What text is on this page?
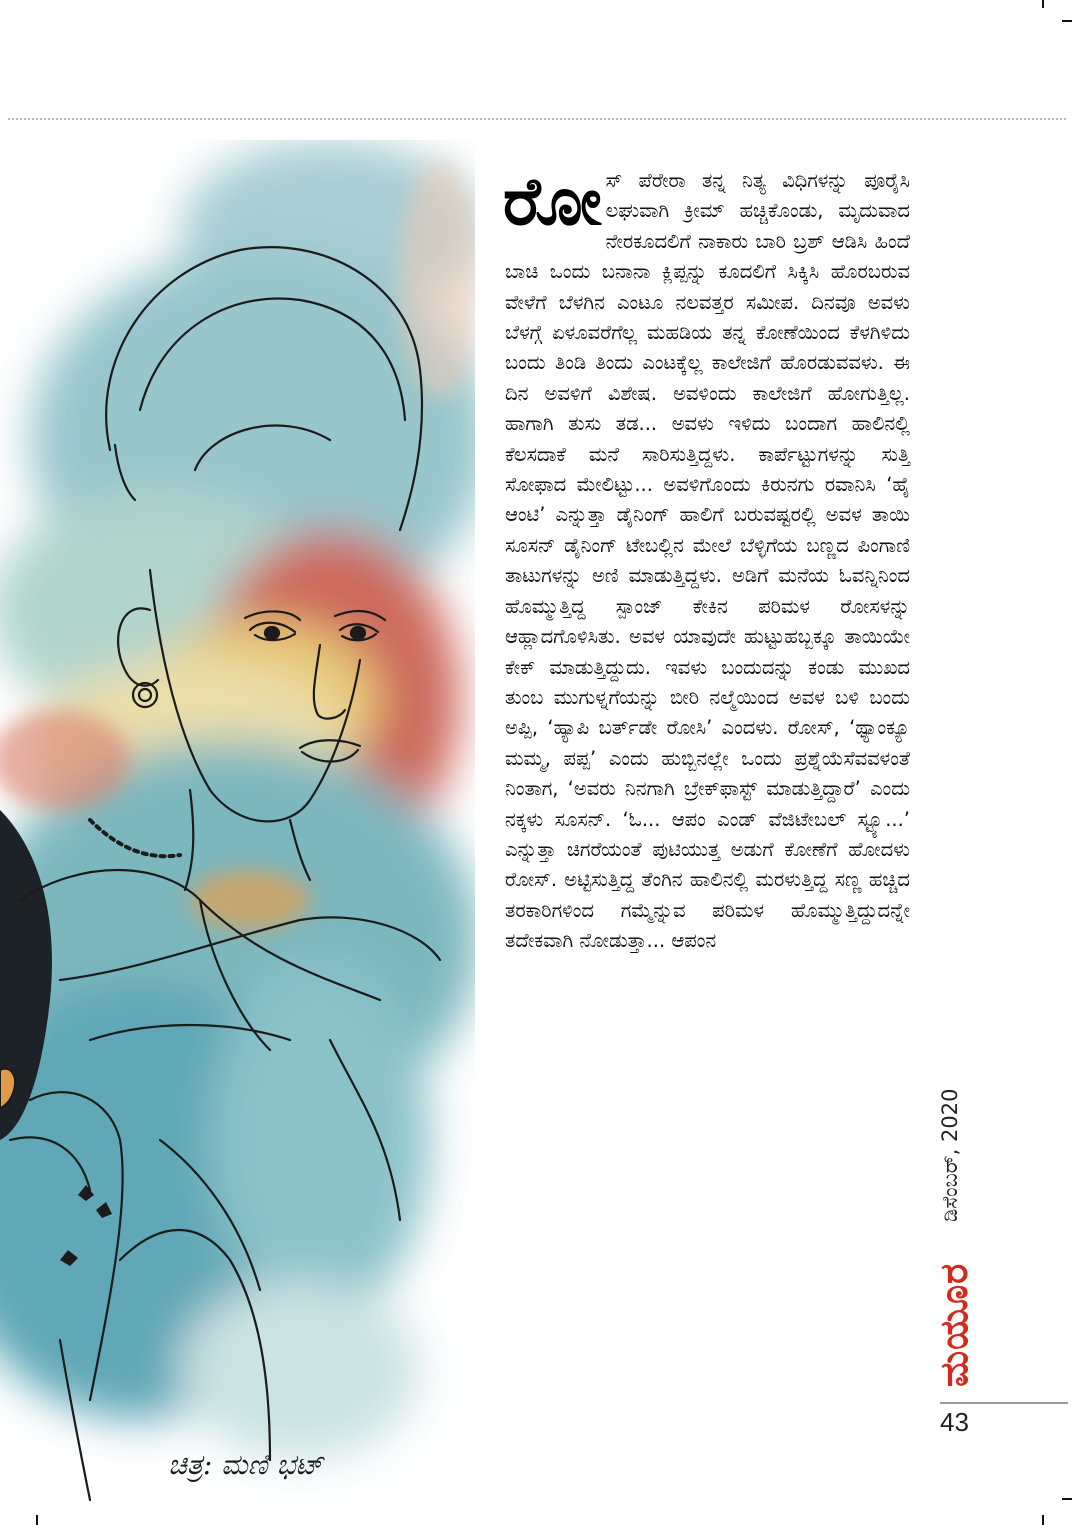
ರೋ ಸ್ ಪೆರೇರಾ ತನ್ನ ನಿತ್ಯ ವಿಧಿಗಳನ್ನು ಪೂರೈಸಿ ಲಘುವಾಗಿ ಕ್ರೀಮ್ ಹಚ್ಚಿಕೊಂಡು, ಮೃದುವಾದ ನೇರಕೂದಲಿಗೆ ನಾಕಾರು ಬಾರಿ ಬ್ರಶ್ ಆಡಿಸಿ ಹಿಂದೆ ಬಾಚಿ ಒಂದು ಬನಾನಾ ಕ್ಲಿಪ್ಪನ್ನು ಕೂದಲಿಗೆ ಸಿಕ್ಕಿಸಿ ಹೊರಬರುವ ವೇಳೆಗೆ ಬೆಳಗಿನ ಎಂಟೂ ನಲವತ್ತರ ಸಮೀಪ. ದಿನವೂ ಅವಳು ಬೆಳಗ್ಗೆ ಏಳೂವರೆಗೆಲ್ಲ ಮಹಡಿಯ ತನ್ನ ಕೋಣೆಯಿಂದ ಕೆಳಗಿಳಿದು ಬಂದು ತಿಂಡಿ ತಿಂದು ಎಂಟಕ್ಕೆಲ್ಲ ಕಾಲೇಜಿಗೆ ಹೊರಡುವವಳು. ಈ ದಿನ ಅವಳಿಗೆ ವಿಶೇಷ. ಅವಳಿಂದು ಕಾಲೇಜಿಗೆ ಹೋಗುತ್ತಿಲ್ಲ. ಹಾಗಾಗಿ ತುಸು ತಡ... ಅವಳು ಇಳಿದು ಬಂದಾಗ ಹಾಲಿನಲ್ಲಿ ಕೆಲಸದಾಕೆ ಮನೆ ಸಾರಿಸುತ್ತಿದ್ದಳು. ಕಾರ್ಪೆಟ್ಟುಗಳನ್ನು ಸುತ್ತಿ ಸೋಫಾದ ಮೇಲಿಟ್ಟು... ಅವಳಿಗೊಂದು ಕಿರುನಗು ರವಾನಿಸಿ ‘ಹೈ ಆಂಟಿ’ ಎನ್ನುತ್ತಾ ಡೈನಿಂಗ್ ಹಾಲಿಗೆ ಬರುವಷ್ಟರಲ್ಲಿ ಅವಳ ತಾಯಿ ಸೂಸನ್ ಡೈನಿಂಗ್ ಟೇಬಲ್ಲಿನ ಮೇಲೆ ಬೆಳ್ಳಿಗೆಯ ಬಣ್ಣದ ಪಿಂಗಾಣಿ ತಾಟುಗಳನ್ನು ಅಣಿ ಮಾಡುತ್ತಿದ್ದಳು. ಅಡಿಗೆ ಮನೆಯ ಓವನ್ನಿನಿಂದ ಹೊಮ್ಮುತ್ತಿದ್ದ ಸ್ಪಾಂಜ್ ಕೇಕಿನ ಪರಿಮಳ ರೋಸಳನ್ನು ಆಹ್ಲಾದಗೊಳಿಸಿತು. ಅವಳ ಯಾವುದೇ ಹುಟ್ಟುಹಬ್ಬಕ್ಕೂ ತಾಯಿಯೇ ಕೇಕ್ ಮಾಡುತ್ತಿದ್ದುದು. ಇವಳು ಬಂದುದನ್ನು ಕಂಡು ಮುಖದ ತುಂಬ ಮುಗುಳ್ನಗೆಯನ್ನು ಬೀರಿ ನಲ್ಮೆಯಿಂದ ಅವಳ ಬಳಿ ಬಂದು ಅಪ್ಪಿ, ‘ಹ್ಯಾಪಿ ಬರ್ತ್‌ಡೇ ರೋಸಿ’ ಎಂದಳು. ರೋಸ್, ‘ಥ್ಯಾಂಕ್ಯೂ ಮಮ್ಮ, ಪಪ್ಪ’ ಎಂದು ಹುಬ್ಬಿನಲ್ಲೇ ಒಂದು ಪ್ರಶ್ನೆಯೆಸೆವವಳಂತೆ ನಿಂತಾಗ, ‘ಅವರು ನಿನಗಾಗಿ ಬ್ರೇಕ್‌ಫಾಸ್ಟ್ ಮಾಡುತ್ತಿದ್ದಾರೆ’ ಎಂದು ನಕ್ಕಳು ಸೂಸನ್. ‘ಓ... ಆಪಂ ಎಂಡ್ ವೆಜಿಟೇಬಲ್ ಸ್ಟ್ಯೂ...’ ಎನ್ನುತ್ತಾ ಚಿಗರೆಯಂತೆ ಪುಟಿಯುತ್ತ ಅಡುಗೆ ಕೋಣೆಗೆ ಹೋದಳು ರೋಸ್. ಅಟ್ಟಿಸುತ್ತಿದ್ದ ತೆಂಗಿನ ಹಾಲಿನಲ್ಲಿ ಮರಳುತ್ತಿದ್ದ ಸಣ್ಣ ಹಚ್ಚಿದ ತರಕಾರಿಗಳಿಂದ ಗಮ್ಮೆನ್ನುವ ಪರಿಮಳ ಹೊಮ್ಮುತ್ತಿದ್ದುದನ್ನೇ ತದೇಕವಾಗಿ ನೋಡುತ್ತಾ... ಆಪಂನ
ಡಿಸೆಂಬರ್, 2020
ಮಯೂರ
43
ಚಿತ್ರ: ಮಣಿ ಭಟ್
